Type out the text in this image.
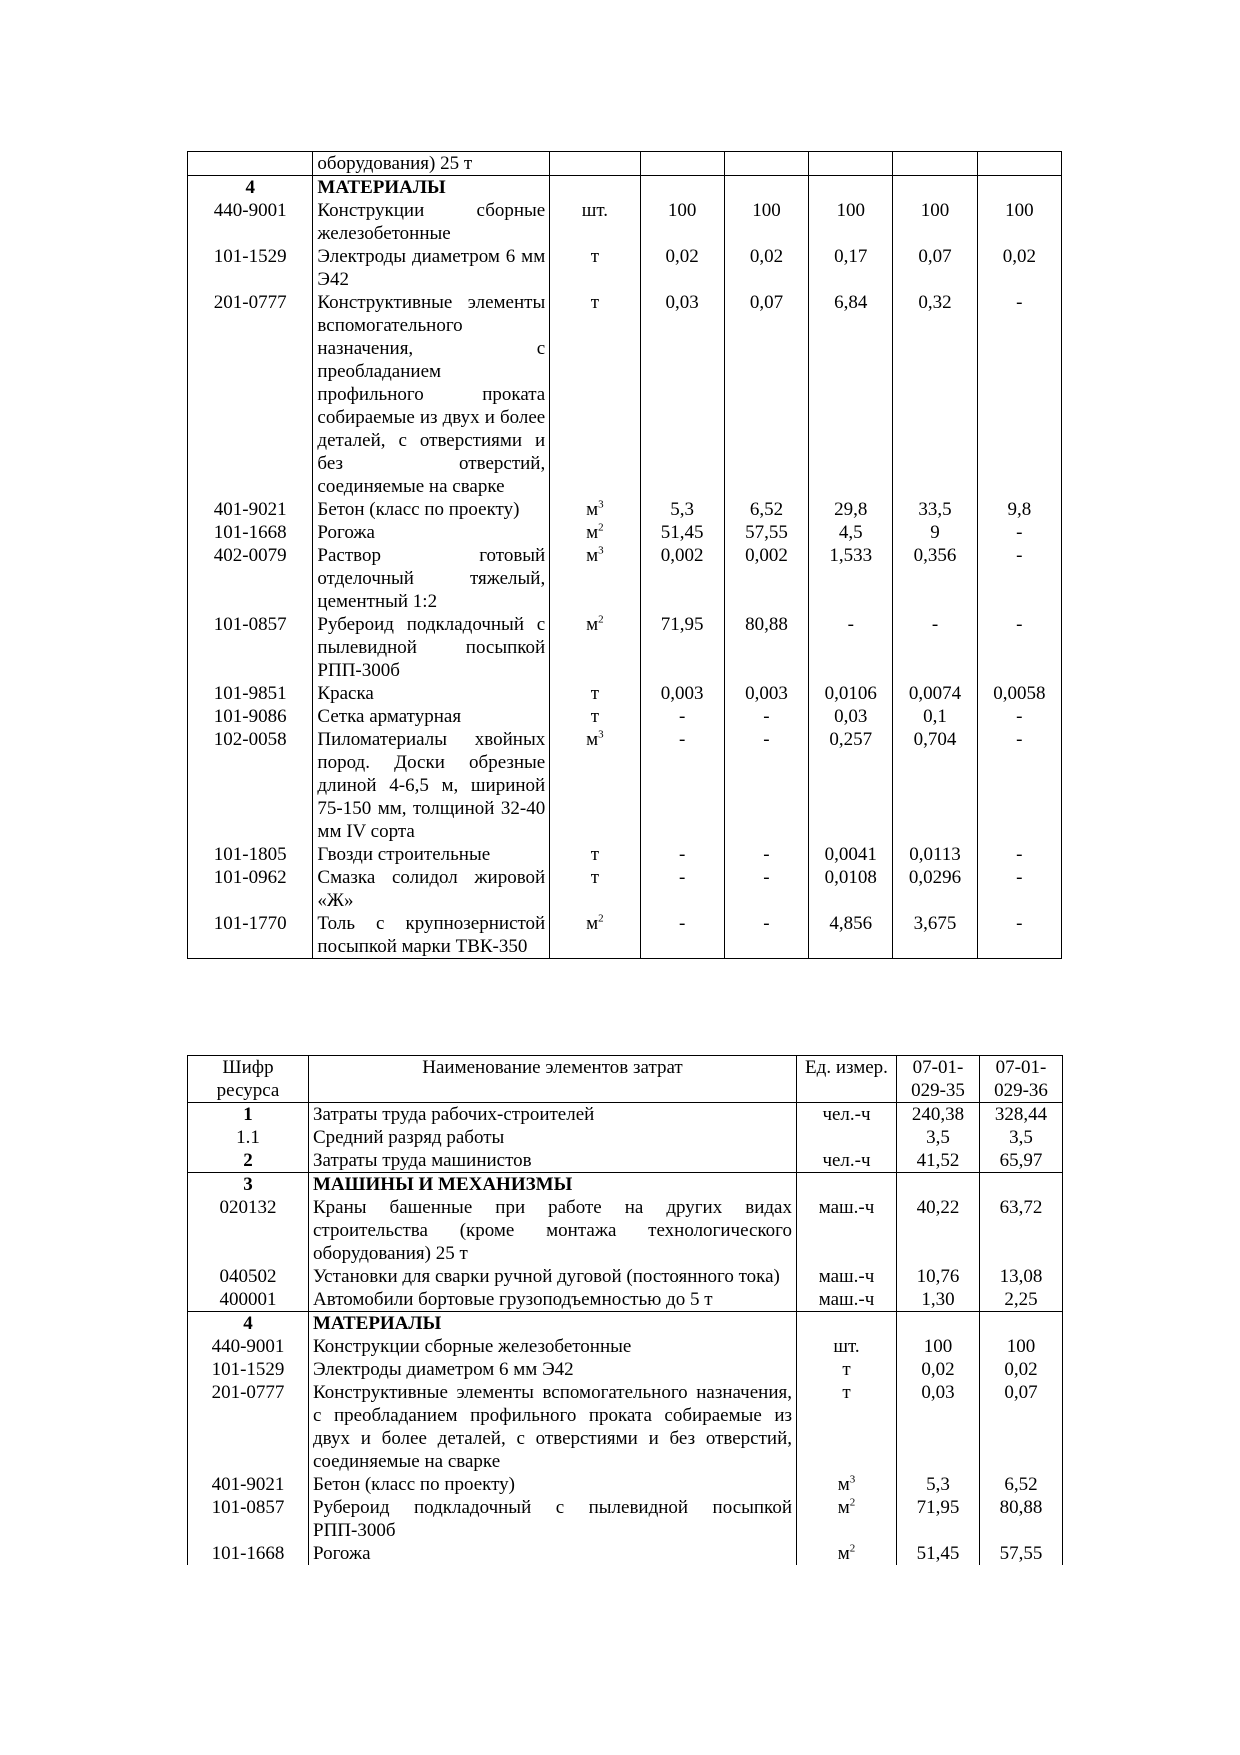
	оборудования) 25 т						
4	МАТЕРИАЛЫ						
440-9001	Конструкции сборные железобетонные	шт.	100	100	100	100	100
101-1529	Электроды диаметром 6 мм Э42	т	0,02	0,02	0,17	0,07	0,02
201-0777	Конструктивные элементы вспомогательного назначения, с преобладанием профильного проката собираемые из двух и более деталей, с отверстиями и без отверстий, соединяемые на сварке	т	0,03	0,07	6,84	0,32	-
401-9021	Бетон (класс по проекту)	$м^3$	5,3	6,52	29,8	33,5	9,8
101-1668	Рогожа	$м^2$	51,45	57,55	4,5	9	-
402-0079	Раствор готовый отделочный тяжелый, цементный 1:2	$м^3$	0,002	0,002	1,533	0,356	-
101-0857	Рубероид подкладочный с пылевидной посыпкой РПП-300б	$м^2$	71,95	80,88	-	-	-
101-9851	Краска	т	0,003	0,003	0,0106	0,0074	0,0058
101-9086	Сетка арматурная	т	-	-	0,03	0,1	-
102-0058	Пиломатериалы хвойных пород. Доски обрезные длиной 4-6,5 м, шириной 75-150 мм, толщиной 32-40 мм IV сорта	$м^3$	-	-	0,257	0,704	-
101-1805	Гвозди строительные	т	-	-	0,0041	0,0113	-
101-0962	Смазка солидол жировой «Ж»	т	-	-	0,0108	0,0296	-
101-1770	Толь с крупнозернистой посыпкой марки ТВК-350	$м^2$	-	-	4,856	3,675	-
Шифр ресурса	Наименование элементов затрат	Ед. измер.	07-01-029-35	07-01-029-36
1	Затраты труда рабочих-строителей	чел.-ч	240,38	328,44
1.1	Средний разряд работы		3,5	3,5
2	Затраты труда машинистов	чел.-ч	41,52	65,97
3	МАШИНЫ И МЕХАНИЗМЫ			
020132	Краны башенные при работе на других видах строительства (кроме монтажа технологического оборудования) 25 т	маш.-ч	40,22	63,72
040502	Установки для сварки ручной дуговой (постоянного тока)	маш.-ч	10,76	13,08
400001	Автомобили бортовые грузоподъемностью до 5 т	маш.-ч	1,30	2,25
4	МАТЕРИАЛЫ			
440-9001	Конструкции сборные железобетонные	шт.	100	100
101-1529	Электроды диаметром 6 мм Э42	т	0,02	0,02
201-0777	Конструктивные элементы вспомогательного назначения, с преобладанием профильного проката собираемые из двух и более деталей, с отверстиями и без отверстий, соединяемые на сварке	т	0,03	0,07
401-9021	Бетон (класс по проекту)	$м^3$	5,3	6,52
101-0857	Рубероид подкладочный с пылевидной посыпкой РПП-300б	$м^2$	71,95	80,88
101-1668	Рогожа	$м^2$	51,45	57,55
